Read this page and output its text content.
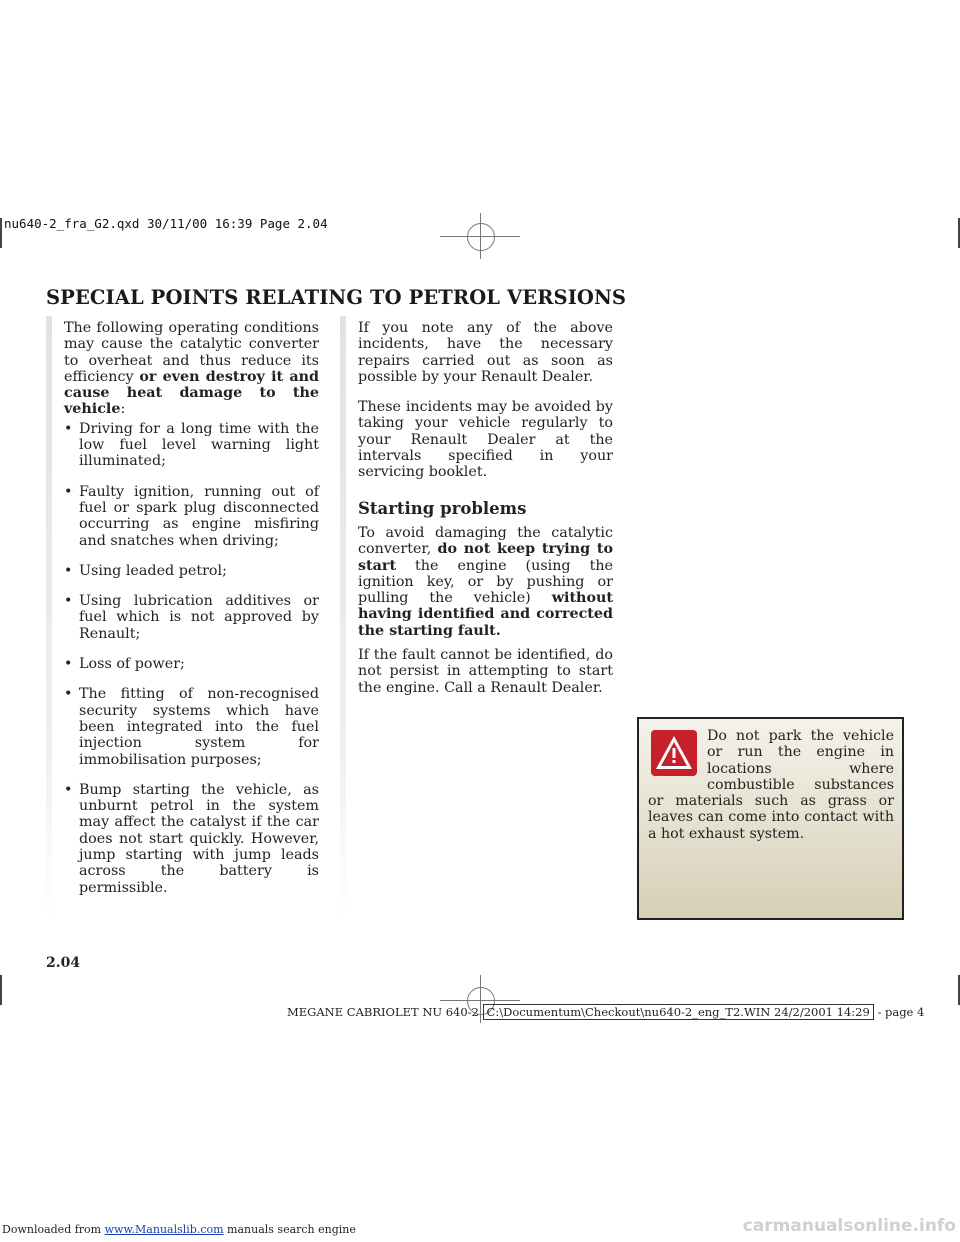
nu640-2_fra_G2.qxd 30/11/00 16:39 Page 2.04
SPECIAL POINTS RELATING TO PETROL VERSIONS

The following operating conditions may cause the catalytic converter to overheat and thus reduce its efficiency or even destroy it and cause heat damage to the vehicle:

• Driving for a long time with the low fuel level warning light illuminated;
• Faulty ignition, running out of fuel or spark plug disconnected occurring as engine misfiring and snatches when driving;
• Using leaded petrol;
• Using lubrication additives or fuel which is not approved by Renault;
• Loss of power;
• The fitting of non-recognised security systems which have been integrated into the fuel injection system for immobilisation purposes;
• Bump starting the vehicle, as unburnt petrol in the system may affect the catalyst if the car does not start quickly. However, jump starting with jump leads across the battery is permissible.

If you note any of the above incidents, have the necessary repairs carried out as soon as possible by your Renault Dealer.

These incidents may be avoided by taking your vehicle regularly to your Renault Dealer at the intervals specified in your servicing booklet.

Starting problems

To avoid damaging the catalytic converter, do not keep trying to start the engine (using the ignition key, or by pushing or pulling the vehicle) without having identified and corrected the starting fault.

If the fault cannot be identified, do not persist in attempting to start the engine. Call a Renault Dealer.

Do not park the vehicle or run the engine in locations where combustible substances or materials such as grass or leaves can come into contact with a hot exhaust system.

2.04
MEGANE CABRIOLET NU 640-2 C:\Documentum\Checkout\nu640-2_eng_T2.WIN 24/2/2001 14:29 - page 4
Downloaded from www.Manualslib.com manuals search engine	carmanualsonline.info
